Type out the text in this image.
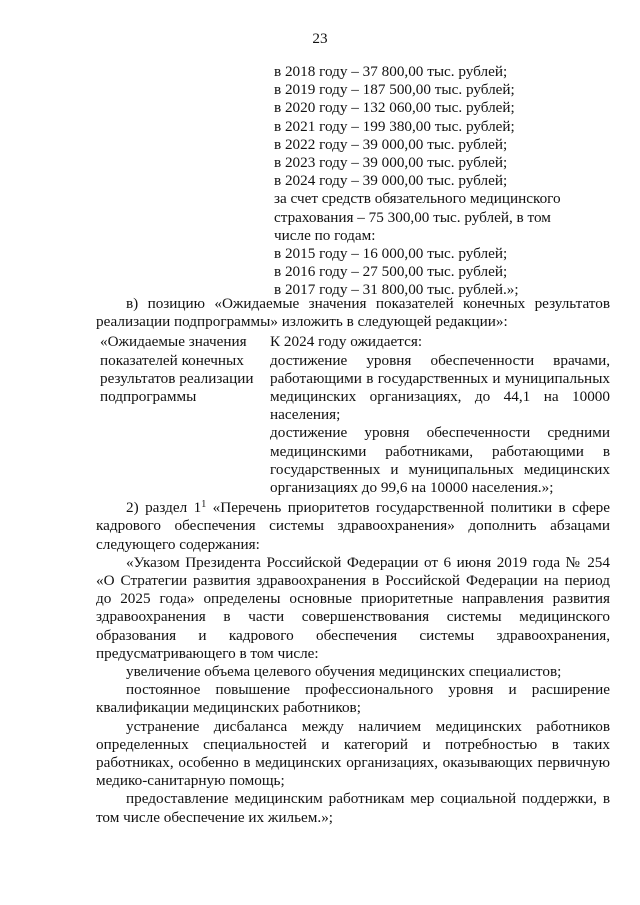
23
в 2018 году – 37 800,00 тыс. рублей;
в 2019 году – 187 500,00 тыс. рублей;
в 2020 году – 132 060,00 тыс. рублей;
в 2021 году – 199 380,00 тыс. рублей;
в 2022 году – 39 000,00 тыс. рублей;
в 2023 году – 39 000,00 тыс. рублей;
в 2024 году – 39 000,00 тыс. рублей;
за счет средств обязательного медицинского страхования – 75 300,00 тыс. рублей, в том числе по годам:
в 2015 году – 16 000,00 тыс. рублей;
в 2016 году – 27 500,00 тыс. рублей;
в 2017 году – 31 800,00 тыс. рублей.»;

в) позицию «Ожидаемые значения показателей конечных результатов реализации подпрограммы» изложить в следующей редакции»:

«Ожидаемые значения показателей конечных результатов реализации подпрограммы
К 2024 году ожидается:
достижение уровня обеспеченности врачами, работающими в государственных и муниципальных медицинских организациях, до 44,1 на 10000 населения;
достижение уровня обеспеченности средними медицинскими работниками, работающими в государственных и муниципальных медицинских организациях до 99,6 на 10000 населения.»;

2) раздел $1^1$ «Перечень приоритетов государственной политики в сфере кадрового обеспечения системы здравоохранения» дополнить абзацами следующего содержания:

«Указом Президента Российской Федерации от 6 июня 2019 года № 254 «О Стратегии развития здравоохранения в Российской Федерации на период до 2025 года» определены основные приоритетные направления развития здравоохранения в части совершенствования системы медицинского образования и кадрового обеспечения системы здравоохранения, предусматривающего в том числе:

увеличение объема целевого обучения медицинских специалистов;

постоянное повышение профессионального уровня и расширение квалификации медицинских работников;

устранение дисбаланса между наличием медицинских работников определенных специальностей и категорий и потребностью в таких работниках, особенно в медицинских организациях, оказывающих первичную медико-санитарную помощь;

предоставление медицинским работникам мер социальной поддержки, в том числе обеспечение их жильем.»;
